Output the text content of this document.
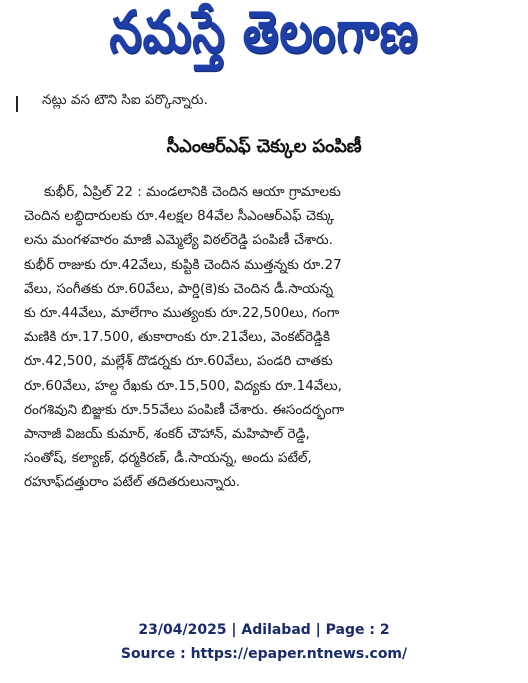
నమస్తే తెలంగాణ
నట్లు వస టౌని సిఐ పర్కొన్నారు.
సీఎంఆర్ఎఫ్ చెక్కుల పంపిణీ
కుభీర్, ఏప్రిల్ 22 : మండలానికి చెందిన ఆయా గ్రామాలకు
చెందిన లబ్ధిదారులకు రూ.4లక్షల 84వేల సీఎంఆర్ఎఫ్ చెక్కు
లను మంగళవారం మాజీ ఎమ్మెల్యే విఠల్‌రెడ్డి పంపిణీ చేశారు.
కుభీర్ రాజుకు రూ.42వేలు, కుప్టికి చెందిన ముత్తన్నకు రూ.27
వేలు, సంగీతకు రూ.60వేలు, పార్డి(కె)కు చెందిన డీ.సాయన్న
కు రూ.44వేలు, మాలేగాం ముత్యంకు రూ.22,500లు, గంగా
మణికి రూ.17.500, తుకారాంకు రూ.21వేలు, వెంకట్‌రెడ్డికి
రూ.42,500, మల్లేశ్ దొడర్నకు రూ.60వేలు, పండరి చాతకు
రూ.60వేలు, హల్ద రేఖకు రూ.15,500, విద్యకు రూ.14వేలు,
రంగశివుని బిజ్జుకు రూ.55వేలు పంపిణీ చేశారు. ఈసందర్భంగా
పానాజీ విజయ్ కుమార్, శంకర్ చౌహాన్, మహిపాల్ రెడ్డి,
సంతోష్, కల్యాణ్, ధర్మకిరణ్, డీ.సాయన్న, అందు పటేల్,
రహూఫ్‌దత్తురాం పటేల్ తదితరులున్నారు.
23/04/2025 | Adilabad | Page : 2
Source : https://epaper.ntnews.com/
